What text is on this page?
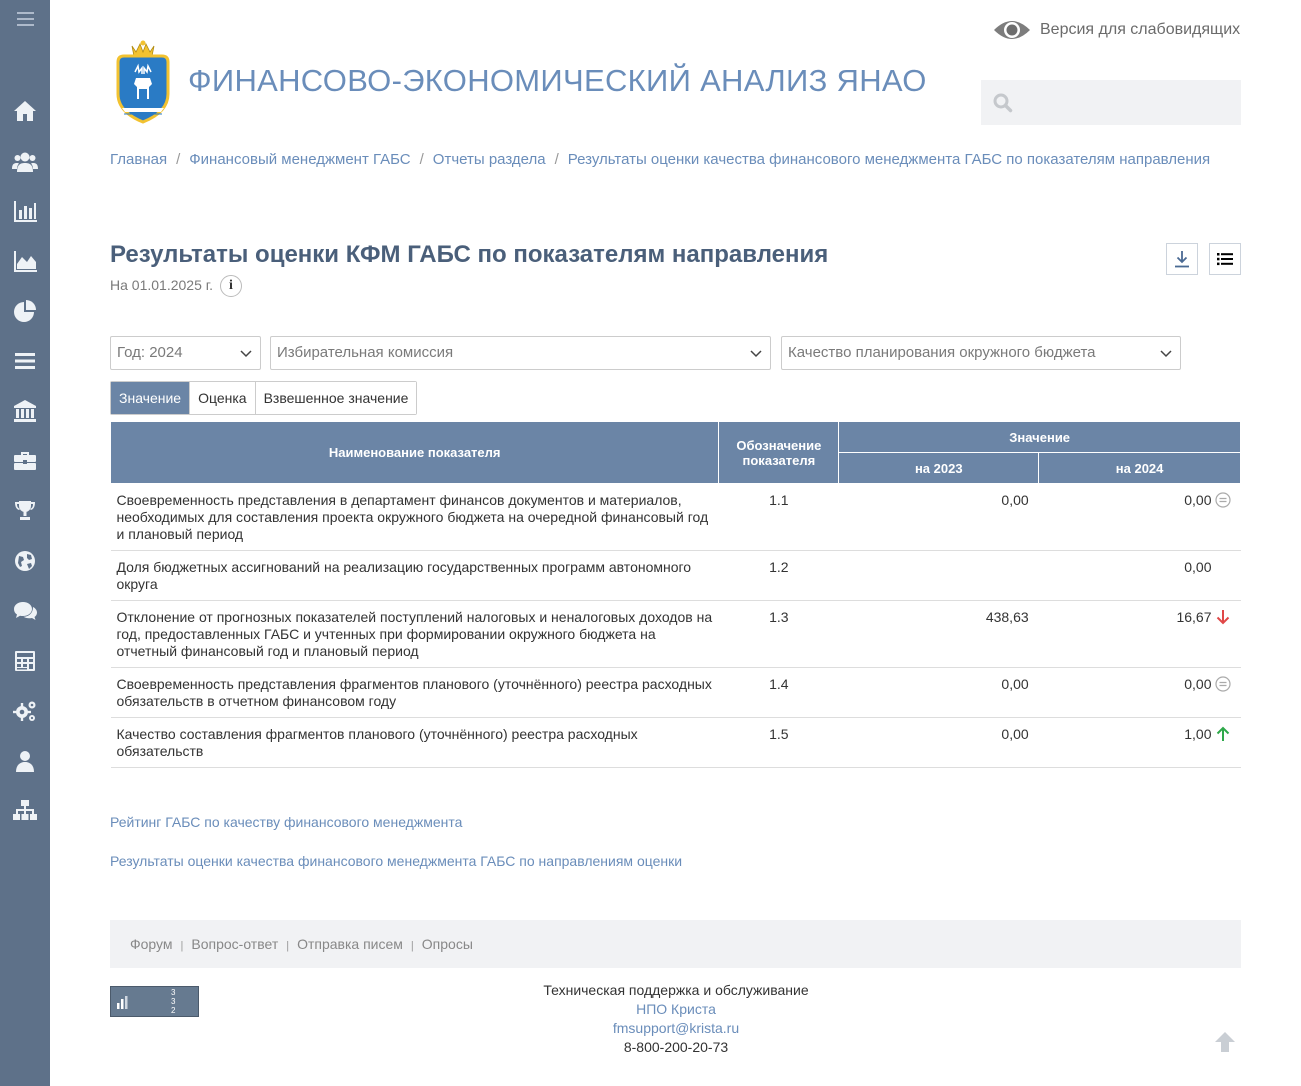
ФИНАНСОВО-ЭКОНОМИЧЕСКИЙ АНАЛИЗ ЯНАО
Версия для слабовидящих
Главная / Финансовый менеджмент ГАБС / Отчеты раздела / Результаты оценки качества финансового менеджмента ГАБС по показателям направления
Результаты оценки КФМ ГАБС по показателям направления
На 01.01.2025 г.	i
Год: 2024	Избирательная комиссия	Качество планирования окружного бюджета
Значение	Оценка	Взвешенное значение
Наименование показателя	Обозначение показателя	Значение	
		на 2023	на 2024
Своевременность представления в департамент финансов документов и материалов, необходимых для составления проекта окружного бюджета на очередной финансовый год и плановый период	1.1	0,00	0,00
Доля бюджетных ассигнований на реализацию государственных программ автономного округа	1.2		0,00
Отклонение от прогнозных показателей поступлений налоговых и неналоговых доходов на год, предоставленных ГАБС и учтенных при формировании окружного бюджета на отчетный финансовый год и плановый период	1.3	438,63	16,67
Своевременность представления фрагментов планового (уточнённого) реестра расходных обязательств в отчетном финансовом году	1.4	0,00	0,00
Качество составления фрагментов планового (уточнённого) реестра расходных обязательств	1.5	0,00	1,00
Рейтинг ГАБС по качеству финансового менеджмента
Результаты оценки качества финансового менеджмента ГАБС по направлениям оценки
Форум | Вопрос-ответ | Отправка писем | Опросы
3
3
2
Техническая поддержка и обслуживание
НПО Криста
fmsupport@krista.ru
8-800-200-20-73
